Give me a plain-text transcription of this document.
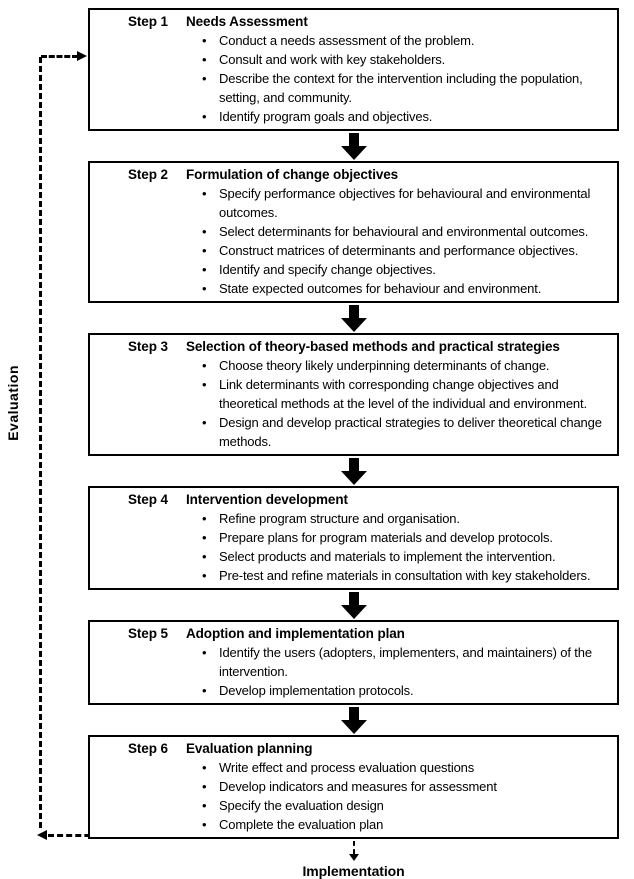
Evaluation
Step 1	Needs Assessment
• Conduct a needs assessment of the problem.
• Consult and work with key stakeholders.
• Describe the context for the intervention including the population, setting, and community.
• Identify program goals and objectives.
Step 2	Formulation of change objectives
• Specify performance objectives for behavioural and environmental outcomes.
• Select determinants for behavioural and environmental outcomes.
• Construct matrices of determinants and performance objectives.
• Identify and specify change objectives.
• State expected outcomes for behaviour and environment.
Step 3	Selection of theory-based methods and practical strategies
• Choose theory likely underpinning determinants of change.
• Link determinants with corresponding change objectives and theoretical methods at the level of the individual and environment.
• Design and develop practical strategies to deliver theoretical change methods.
Step 4	Intervention development
• Refine program structure and organisation.
• Prepare plans for program materials and develop protocols.
• Select products and materials to implement the intervention.
• Pre-test and refine materials in consultation with key stakeholders.
Step 5	Adoption and implementation plan
• Identify the users (adopters, implementers, and maintainers) of the intervention.
• Develop implementation protocols.
Step 6	Evaluation planning
• Write effect and process evaluation questions
• Develop indicators and measures for assessment
• Specify the evaluation design
• Complete the evaluation plan
Implementation
